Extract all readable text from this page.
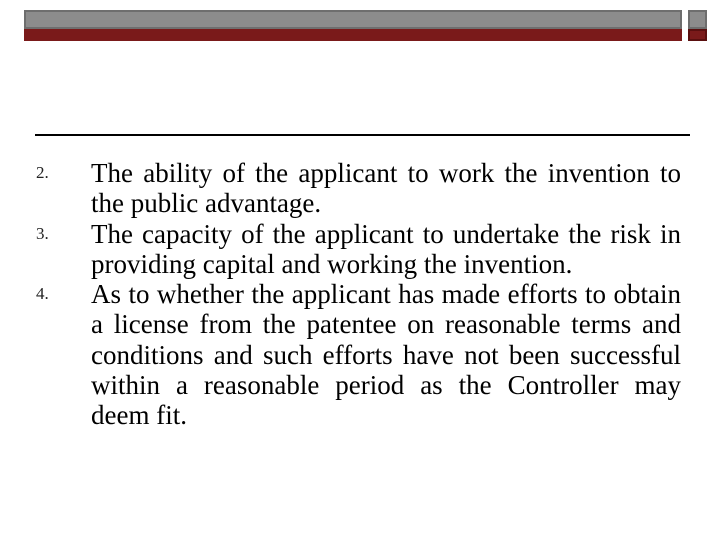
2.	The ability of the applicant to work the invention to the public advantage.
3.	The capacity of the applicant to undertake the risk in providing capital and working the invention.
4.	As to whether the applicant has made efforts to obtain a license from the patentee on reasonable terms and conditions and such efforts have not been successful within a reasonable period as the Controller may deem fit.
